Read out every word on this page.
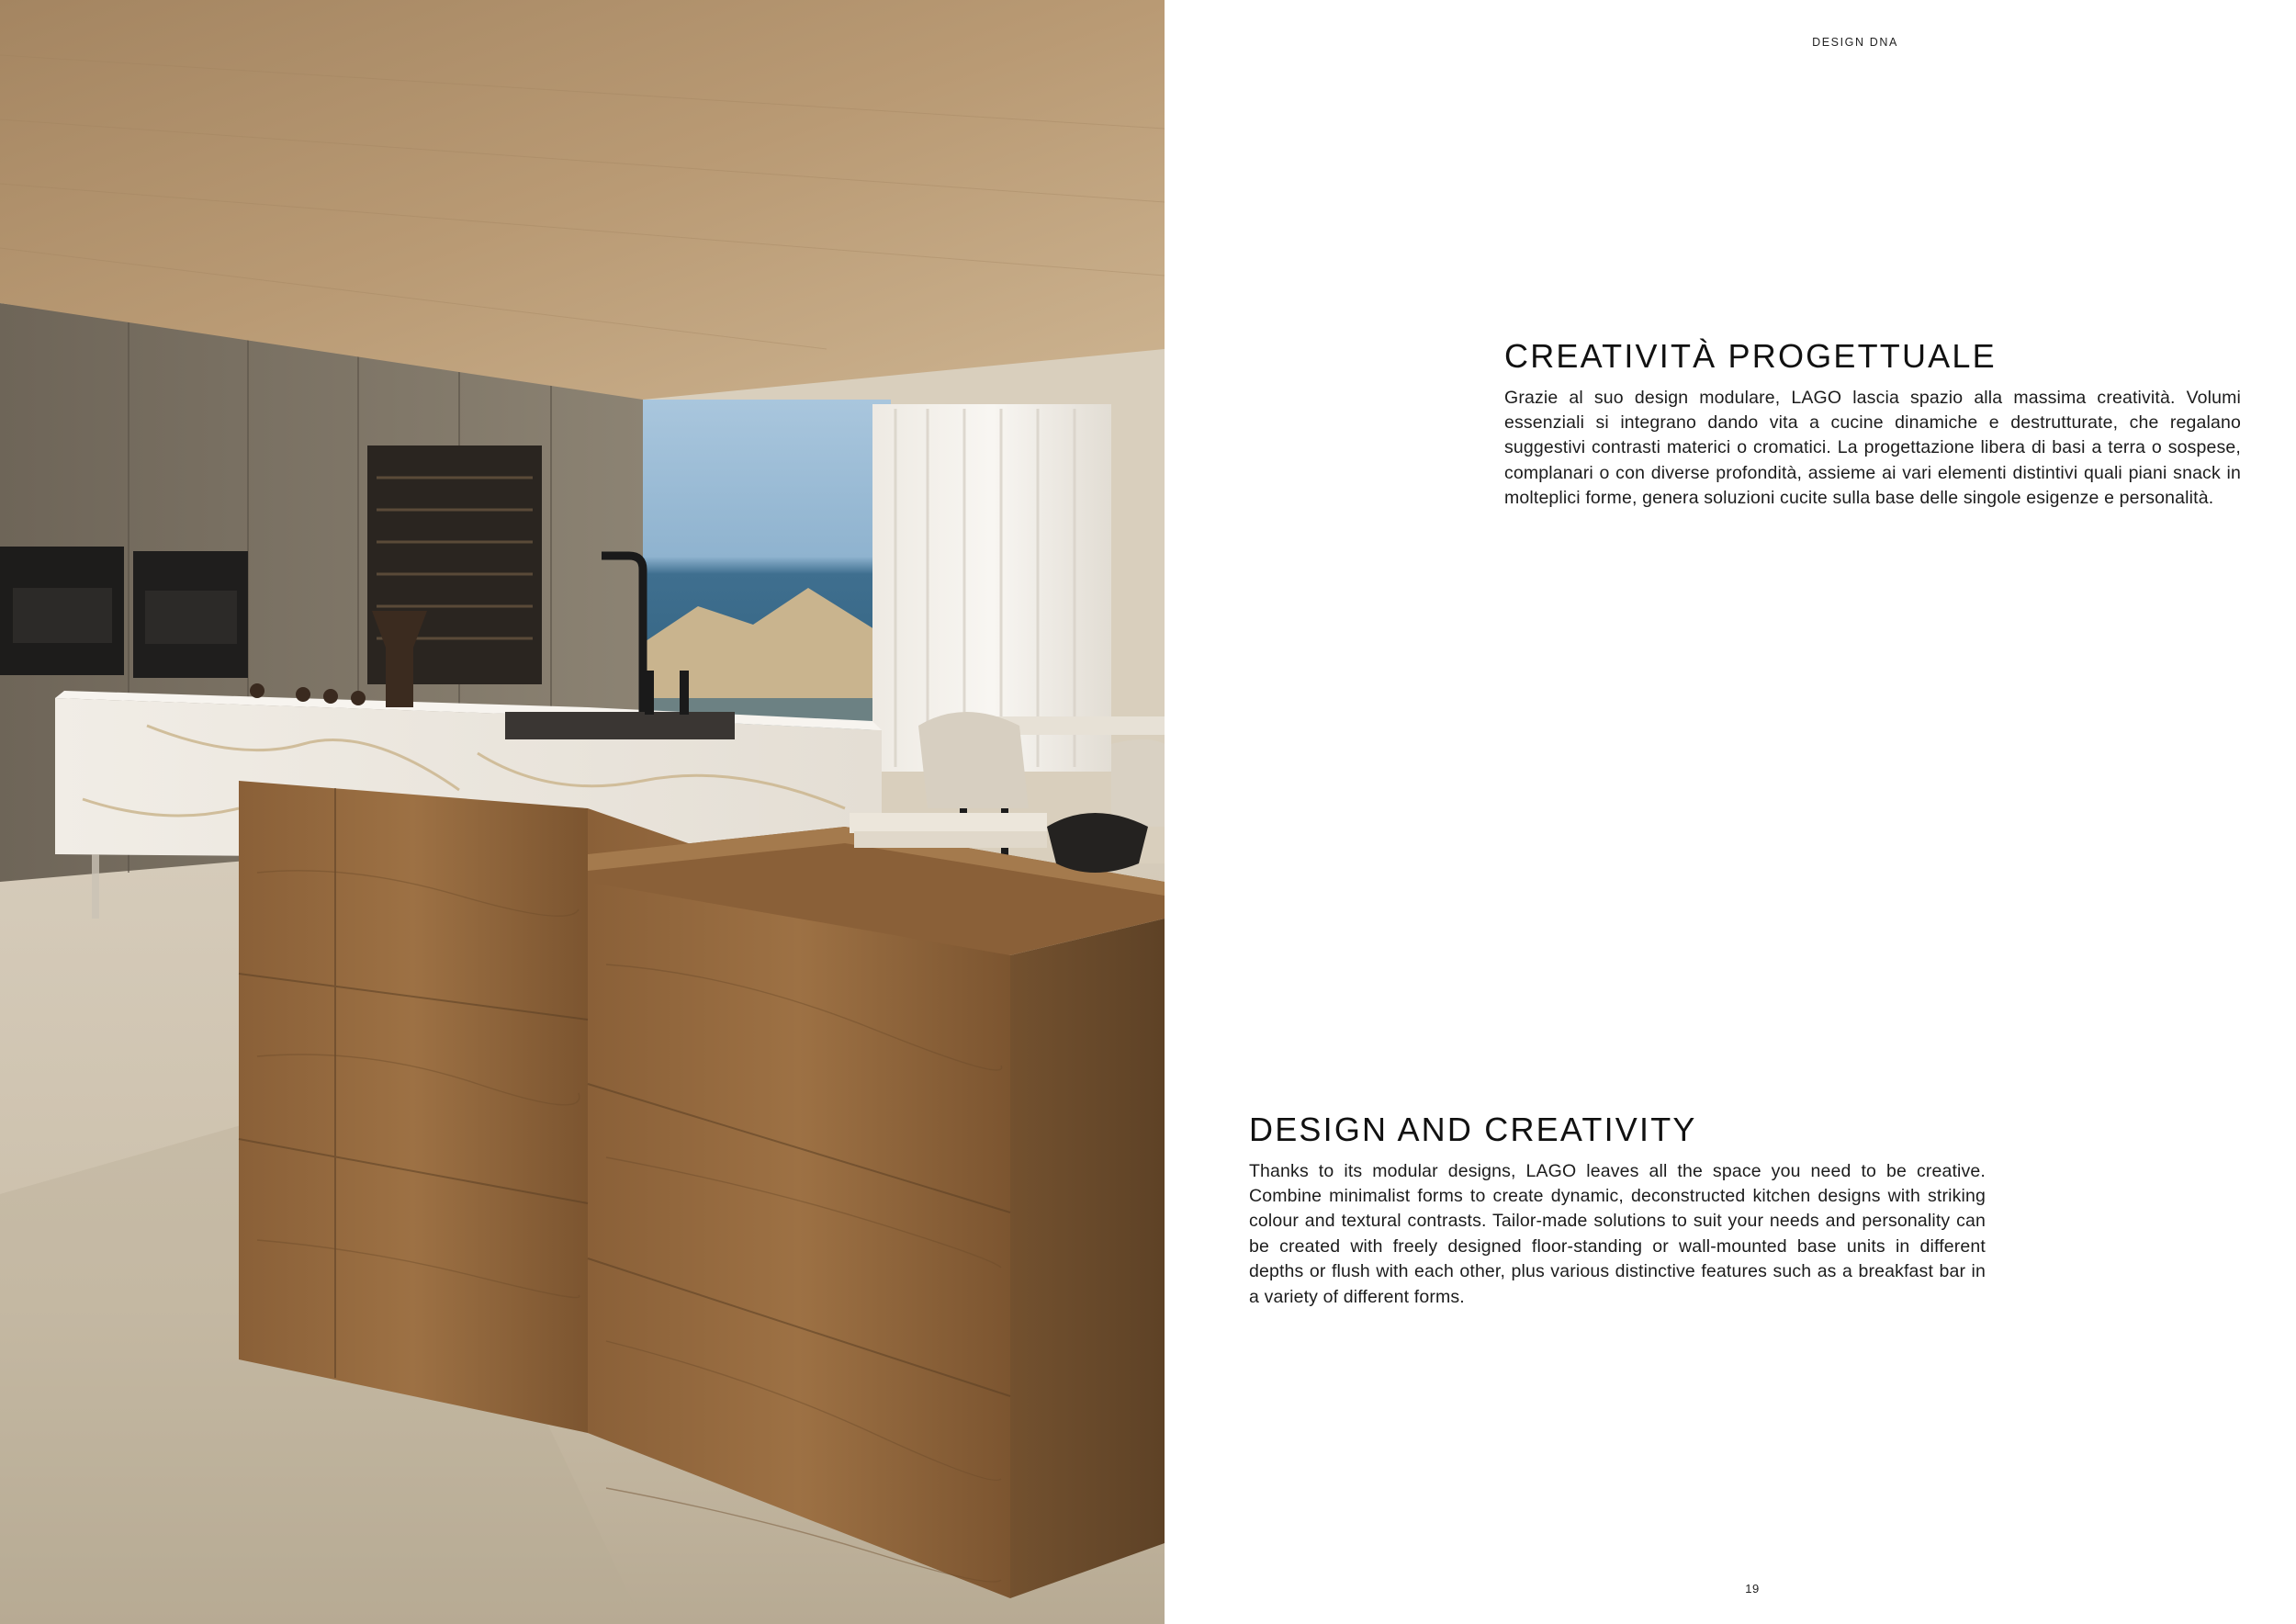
DESIGN DNA
CREATIVITÀ PROGETTUALE

Grazie al suo design modulare, LAGO lascia spazio alla massima creatività. Volumi essenziali si integrano dando vita a cucine dinamiche e destrutturate, che regalano suggestivi contrasti materici o cromatici. La progettazione libera di basi a terra o sospese, complanari o con diverse profondità, assieme ai vari elementi distintivi quali piani snack in molteplici forme, genera soluzioni cucite sulla base delle singole esigenze e personalità.

DESIGN AND CREATIVITY

Thanks to its modular designs, LAGO leaves all the space you need to be creative. Combine minimalist forms to create dynamic, deconstructed kitchen designs with striking colour and textural contrasts. Tailor-made solutions to suit your needs and personality can be created with freely designed floor-standing or wall-mounted base units in different depths or flush with each other, plus various distinctive features such as a breakfast bar in a variety of different forms.

19
